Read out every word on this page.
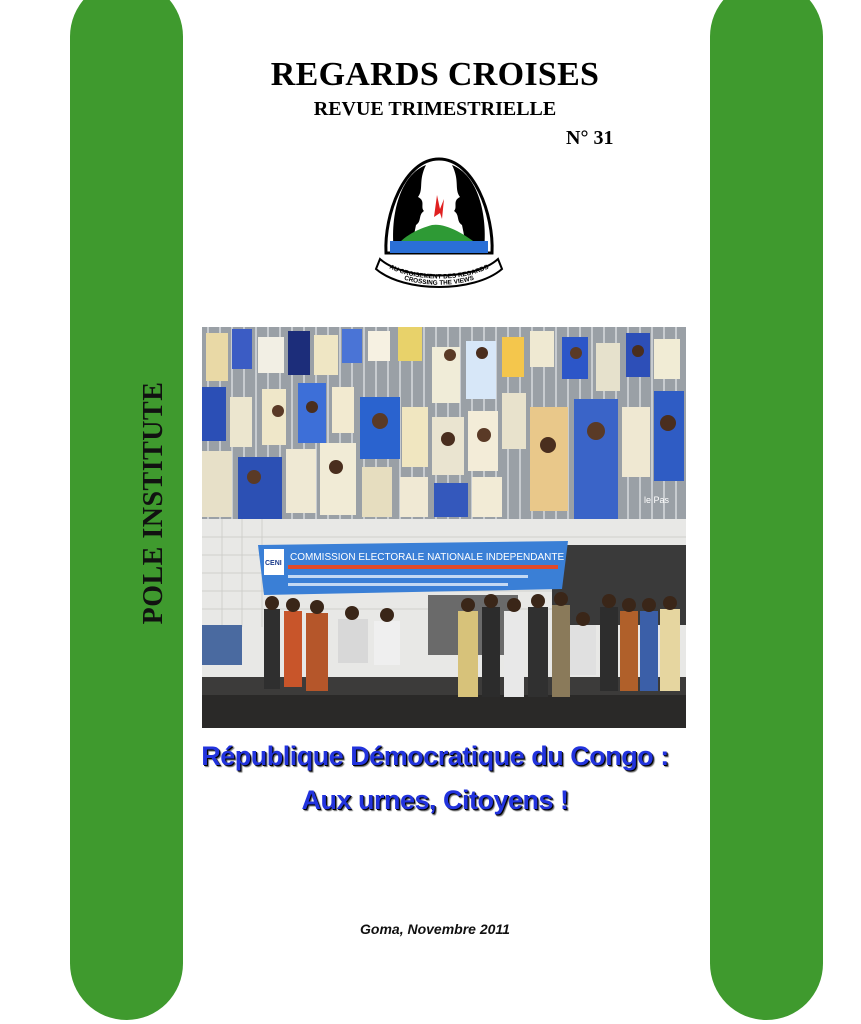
POLE INSTITUTE
REGARDS CROISES
REVUE TRIMESTRIELLE
N° 31
AU CROISEMENT DES REGARDS
CROSSING THE VIEWS
le Pas
CENI
COMMISSION ELECTORALE NATIONALE INDEPENDANTE
République Démocratique du Congo :
Aux urnes, Citoyens !
Goma, Novembre 2011
